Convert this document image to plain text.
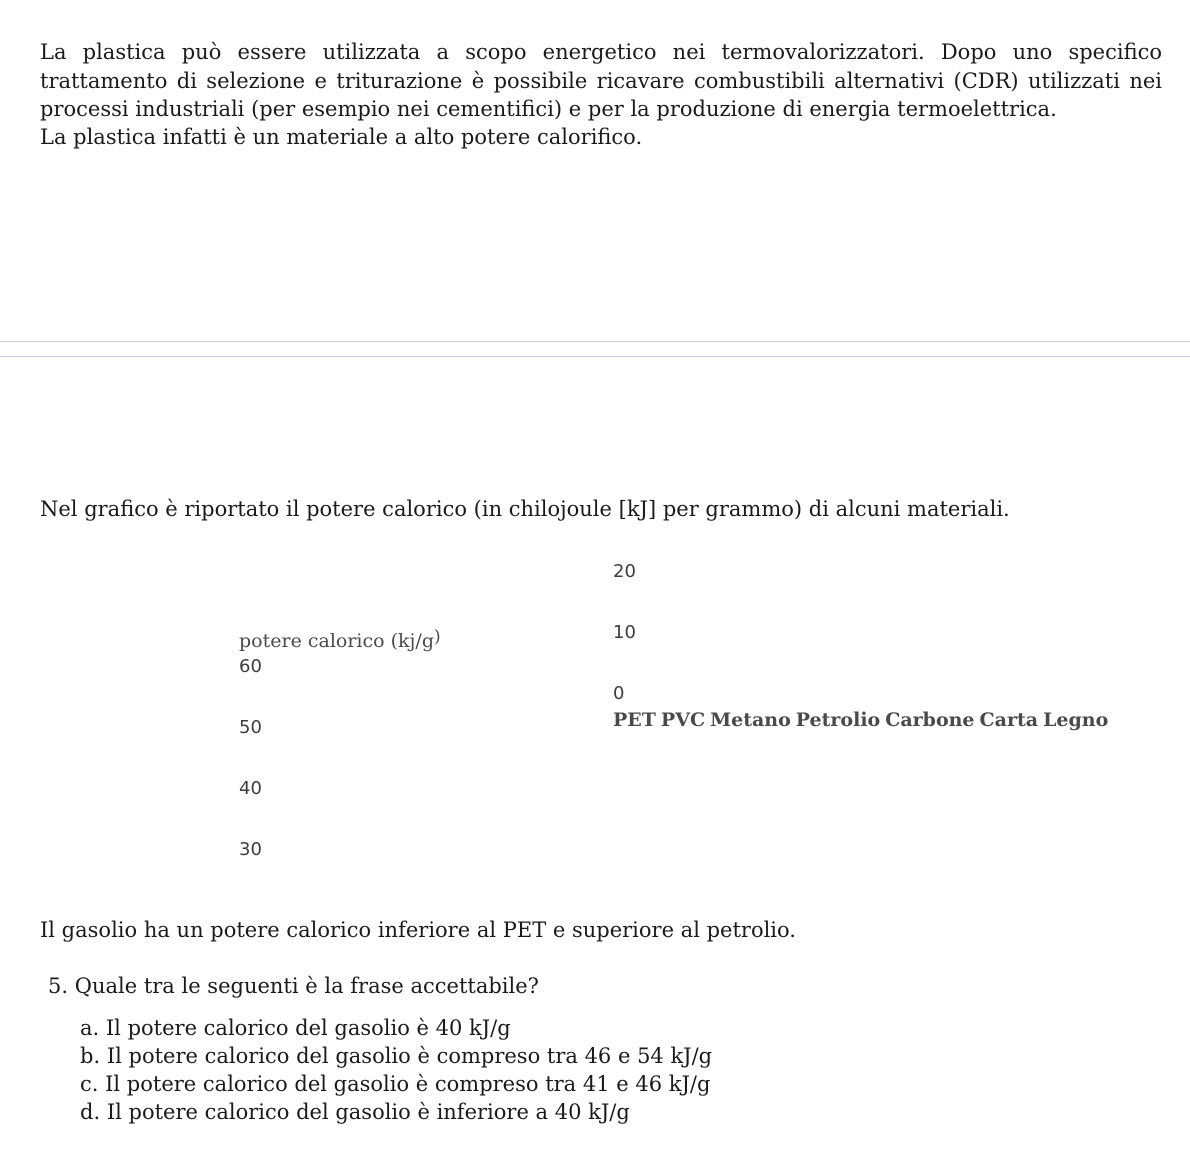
La plastica può essere utilizzata a scopo energetico nei termovalorizzatori. Dopo uno specifico trattamento di selezione e triturazione è possibile ricavare combustibili alternativi (CDR) utilizzati nei processi industriali (per esempio nei cementifici) e per la produzione di energia termoelettrica.

La plastica infatti è un materiale a alto potere calorifico.

Nel grafico è riportato il potere calorico (in chilojoule [kJ] per grammo) di alcuni materiali.

potere calorico (kj/g)
60
50
40
30
20
10
0

PET PVC Metano Petrolio Carbone Carta Legno

Il gasolio ha un potere calorico inferiore al PET e superiore al petrolio.

5. Quale tra le seguenti è la frase accettabile?

a. Il potere calorico del gasolio è 40 kJ/g
b. Il potere calorico del gasolio è compreso tra 46 e 54 kJ/g
c. Il potere calorico del gasolio è compreso tra 41 e 46 kJ/g
d. Il potere calorico del gasolio è inferiore a 40 kJ/g
